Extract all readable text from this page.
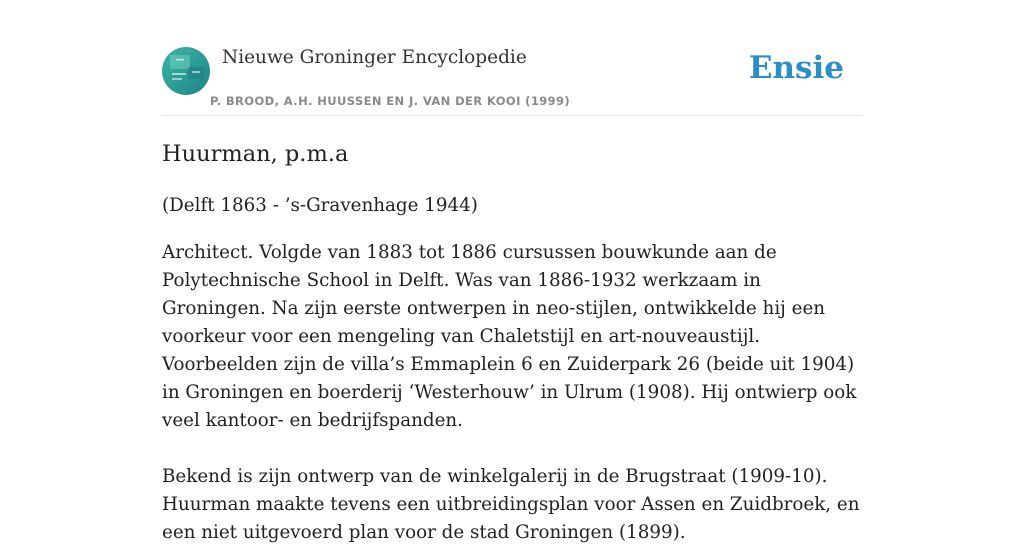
Nieuwe Groninger Encyclopedie
P. BROOD, A.H. HUUSSEN EN J. VAN DER KOOI (1999)
Ensie
Huurman, p.m.a

(Delft 1863 - ’s-Gravenhage 1944)

Architect. Volgde van 1883 tot 1886 cursussen bouwkunde aan de Polytechnische School in Delft. Was van 1886-1932 werkzaam in Groningen. Na zijn eerste ontwerpen in neo-stijlen, ontwikkelde hij een voorkeur voor een mengeling van Chaletstijl en art-nouveaustijl. Voorbeelden zijn de villa’s Emmaplein 6 en Zuiderpark 26 (beide uit 1904) in Groningen en boerderij ‘Westerhouw’ in Ulrum (1908). Hij ontwierp ook veel kantoor- en bedrijfspanden.

Bekend is zijn ontwerp van de winkelgalerij in de Brugstraat (1909-10). Huurman maakte tevens een uitbreidingsplan voor Assen en Zuidbroek, en een niet uitgevoerd plan voor de stad Groningen (1899).
